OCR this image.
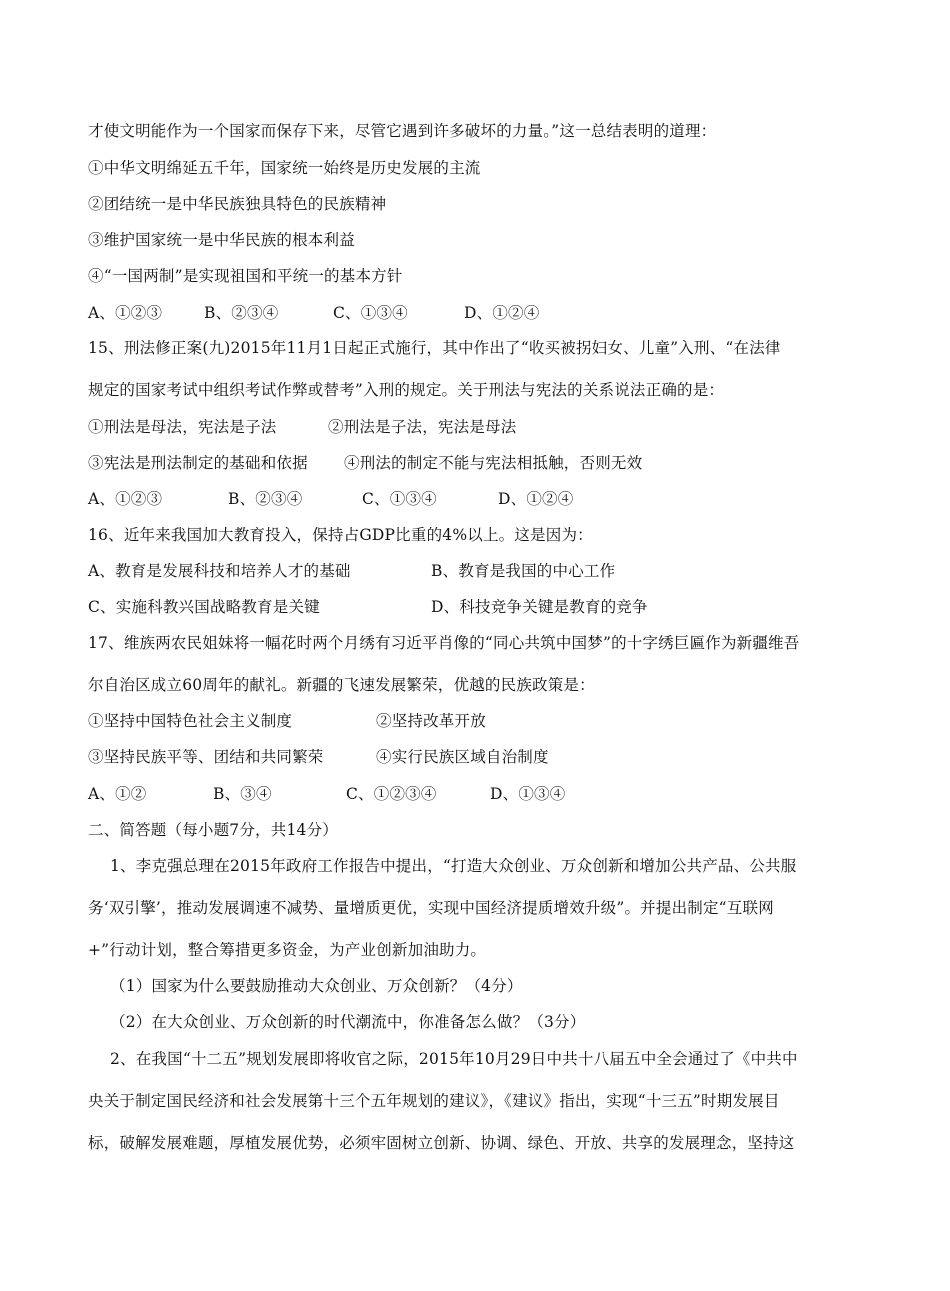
才使文明能作为一个国家而保存下来，尽管它遇到许多破坏的力量。”这一总结表明的道理：
①中华文明绵延五千年，国家统一始终是历史发展的主流
②团结统一是中华民族独具特色的民族精神
③维护国家统一是中华民族的根本利益
④“一国两制”是实现祖国和平统一的基本方针
A、①②③	B、②③④	C、①③④	D、①②④
15、刑法修正案(九)2015年11月1日起正式施行，其中作出了“收买被拐妇女、儿童”入刑、“在法律
规定的国家考试中组织考试作弊或替考”入刑的规定。关于刑法与宪法的关系说法正确的是：
①刑法是母法，宪法是子法	②刑法是子法，宪法是母法
③宪法是刑法制定的基础和依据 ④刑法的制定不能与宪法相抵触，否则无效
A、①②③	B、②③④	C、①③④	D、①②④
16、近年来我国加大教育投入，保持占GDP比重的4%以上。这是因为：
A、教育是发展科技和培养人才的基础	B、教育是我国的中心工作
C、实施科教兴国战略教育是关键	D、科技竞争关键是教育的竞争
17、维族两农民姐妹将一幅花时两个月绣有习近平肖像的“同心共筑中国梦”的十字绣巨匾作为新疆维吾
尔自治区成立60周年的献礼。新疆的飞速发展繁荣，优越的民族政策是：
①坚持中国特色社会主义制度	②坚持改革开放
③坚持民族平等、团结和共同繁荣	④实行民族区域自治制度
A、①②	B、③④	C、①②③④	D、①③④
二、简答题（每小题7分，共14分）
1、李克强总理在2015年政府工作报告中提出，“打造大众创业、万众创新和增加公共产品、公共服
务‘双引擎’，推动发展调速不减势、量增质更优，实现中国经济提质增效升级”。并提出制定“互联网
+”行动计划，整合筹措更多资金，为产业创新加油助力。
（1）国家为什么要鼓励推动大众创业、万众创新？（4分）
（2）在大众创业、万众创新的时代潮流中，你准备怎么做？（3分）
2、在我国“十二五”规划发展即将收官之际，2015年10月29日中共十八届五中全会通过了《中共中
央关于制定国民经济和社会发展第十三个五年规划的建议》，《建议》指出，实现“十三五”时期发展目
标，破解发展难题，厚植发展优势，必须牢固树立创新、协调、绿色、开放、共享的发展理念，坚持这
